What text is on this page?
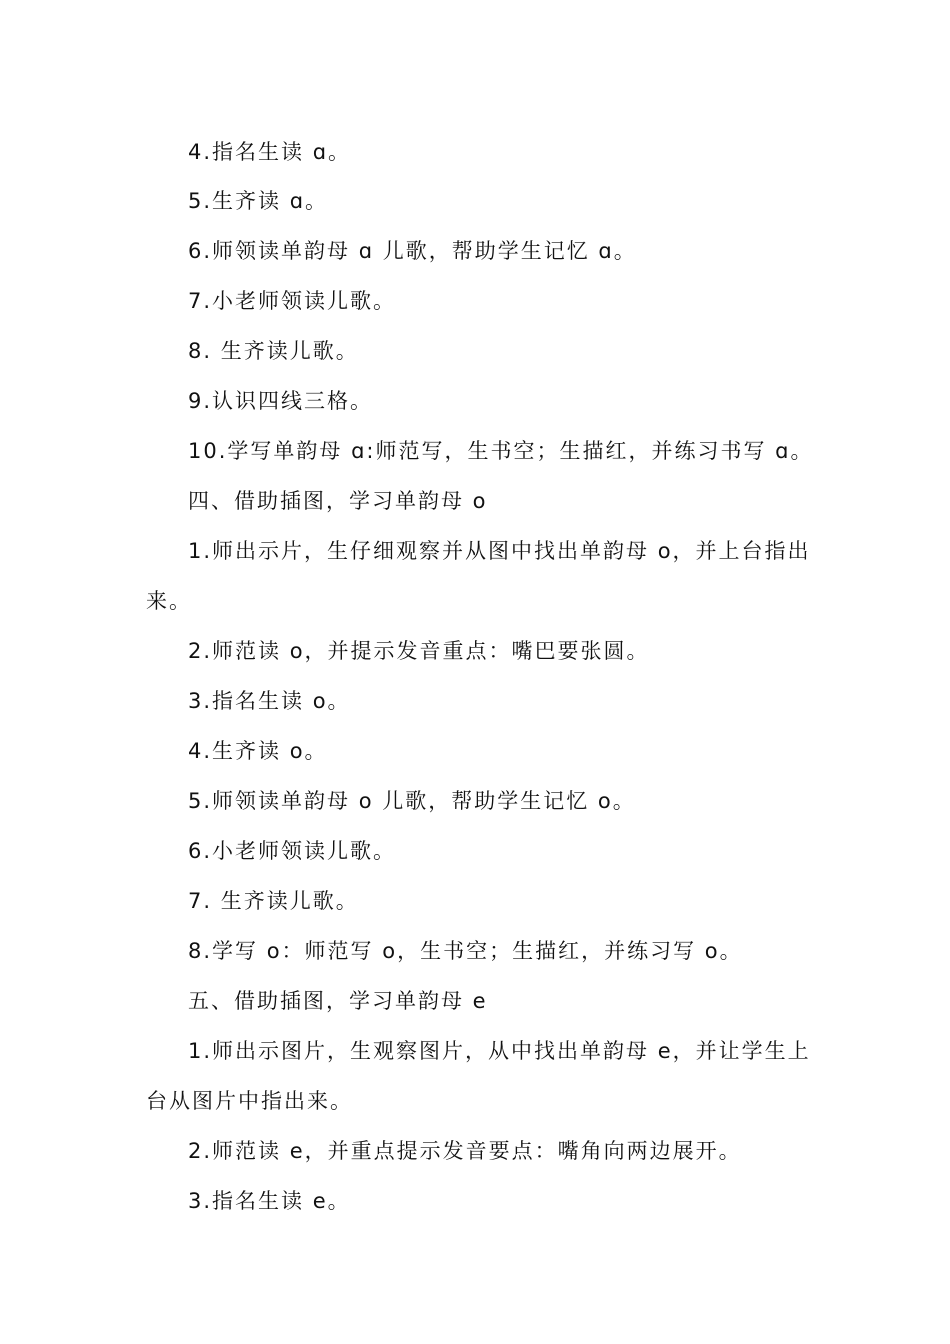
4.指名生读 ɑ。
5.生齐读 ɑ。
6.师领读单韵母 ɑ 儿歌，帮助学生记忆 ɑ。
7.小老师领读儿歌。
8. 生齐读儿歌。
9.认识四线三格。
10.学写单韵母 ɑ:师范写，生书空；生描红，并练习书写 ɑ。
四、借助插图，学习单韵母 o
1.师出示片，生仔细观察并从图中找出单韵母 o，并上台指出
来。
2.师范读 o，并提示发音重点：嘴巴要张圆。
3.指名生读 o。
4.生齐读 o。
5.师领读单韵母 o 儿歌，帮助学生记忆 o。
6.小老师领读儿歌。
7. 生齐读儿歌。
8.学写 o：师范写 o，生书空；生描红，并练习写 o。
五、借助插图，学习单韵母 e
1.师出示图片，生观察图片，从中找出单韵母 e，并让学生上
台从图片中指出来。
2.师范读 e，并重点提示发音要点：嘴角向两边展开。
3.指名生读 e。
